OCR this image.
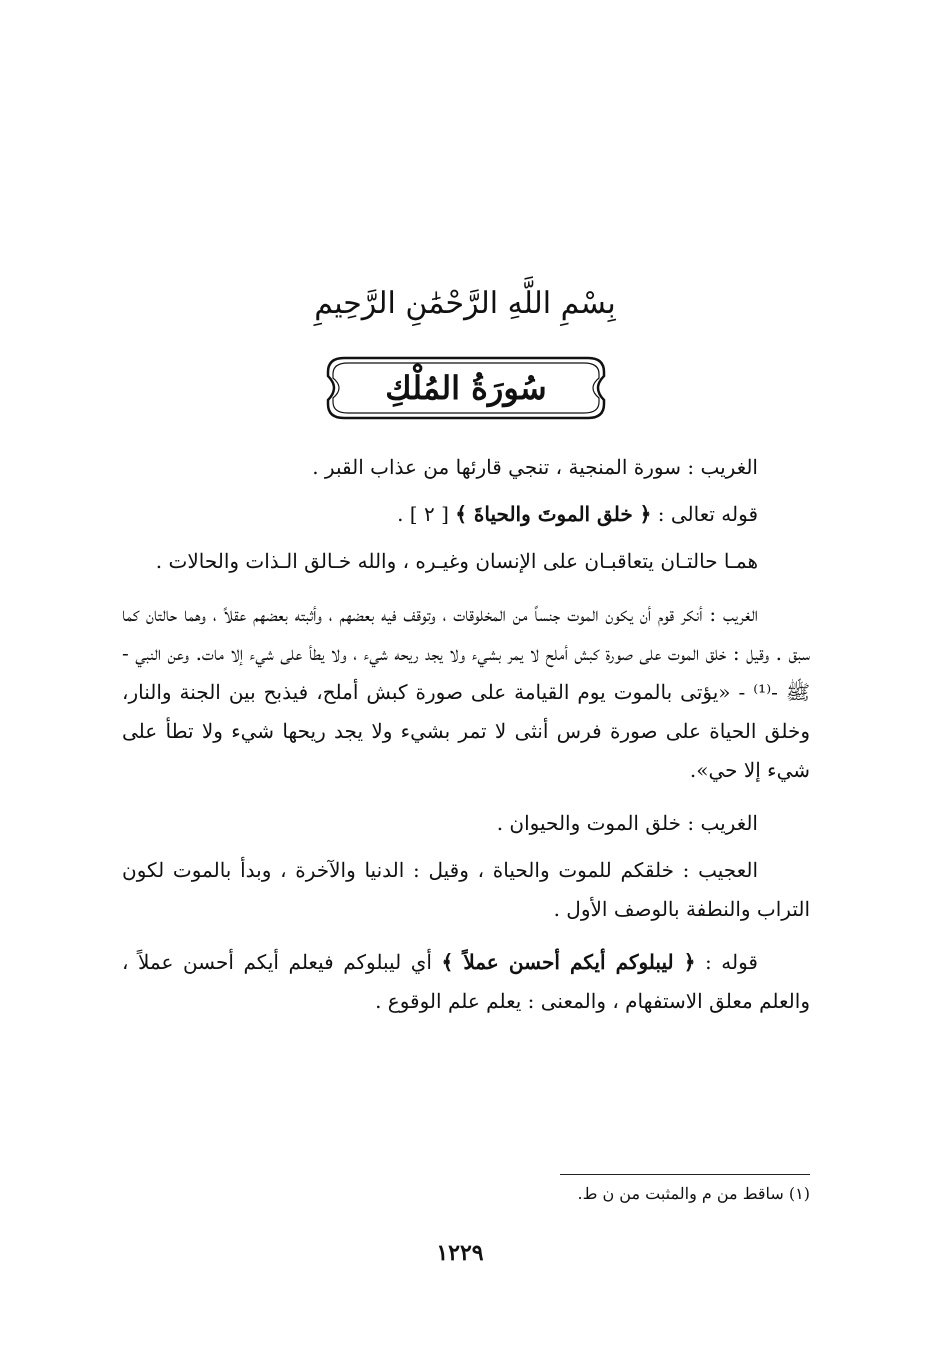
بِسْمِ اللَّهِ الرَّحْمَٰنِ الرَّحِيمِ
سُورَةُ المُلْكِ

الغريب : سورة المنجية ، تنجي قارئها من عذاب القبر .

قوله تعالى : ﴿ خلق الموتَ والحياةَ ﴾ [ ٢ ] .

همـا حالتـان يتعاقبـان على الإنسان وغيـره ، والله خـالق الـذات والحالات .

الغريب : أنكر قوم أن يكون الموت جنساً من المخلوقات ، وتوقف فيه بعضهم ، وأثبته بعضهم عقلاً ، وهما حالتان كما سبق . وقيل : خلق الموت على صورة كبش أملح لا يمر بشيء ولا يجد ريحه شيء ، ولا يطأ على شيء إلا مات. وعن النبي - ﷺ -⁽¹⁾ - «يؤتى بالموت يوم القيامة على صورة كبش أملح، فيذبح بين الجنة والنار، وخلق الحياة على صورة فرس أنثى لا تمر بشيء ولا يجد ريحها شيء ولا تطأ على شيء إلا حي».

الغريب : خلق الموت والحيوان .

العجيب : خلقكم للموت والحياة ، وقيل : الدنيا والآخرة ، وبدأ بالموت لكون التراب والنطفة بالوصف الأول .

قوله : ﴿ ليبلوكم أيكم أحسن عملاً ﴾ أي ليبلوكم فيعلم أيكم أحسن عملاً ، والعلم معلق الاستفهام ، والمعنى : يعلم علم الوقوع .

(١) ساقط من م والمثبت من ن ط.
١٢٢٩
